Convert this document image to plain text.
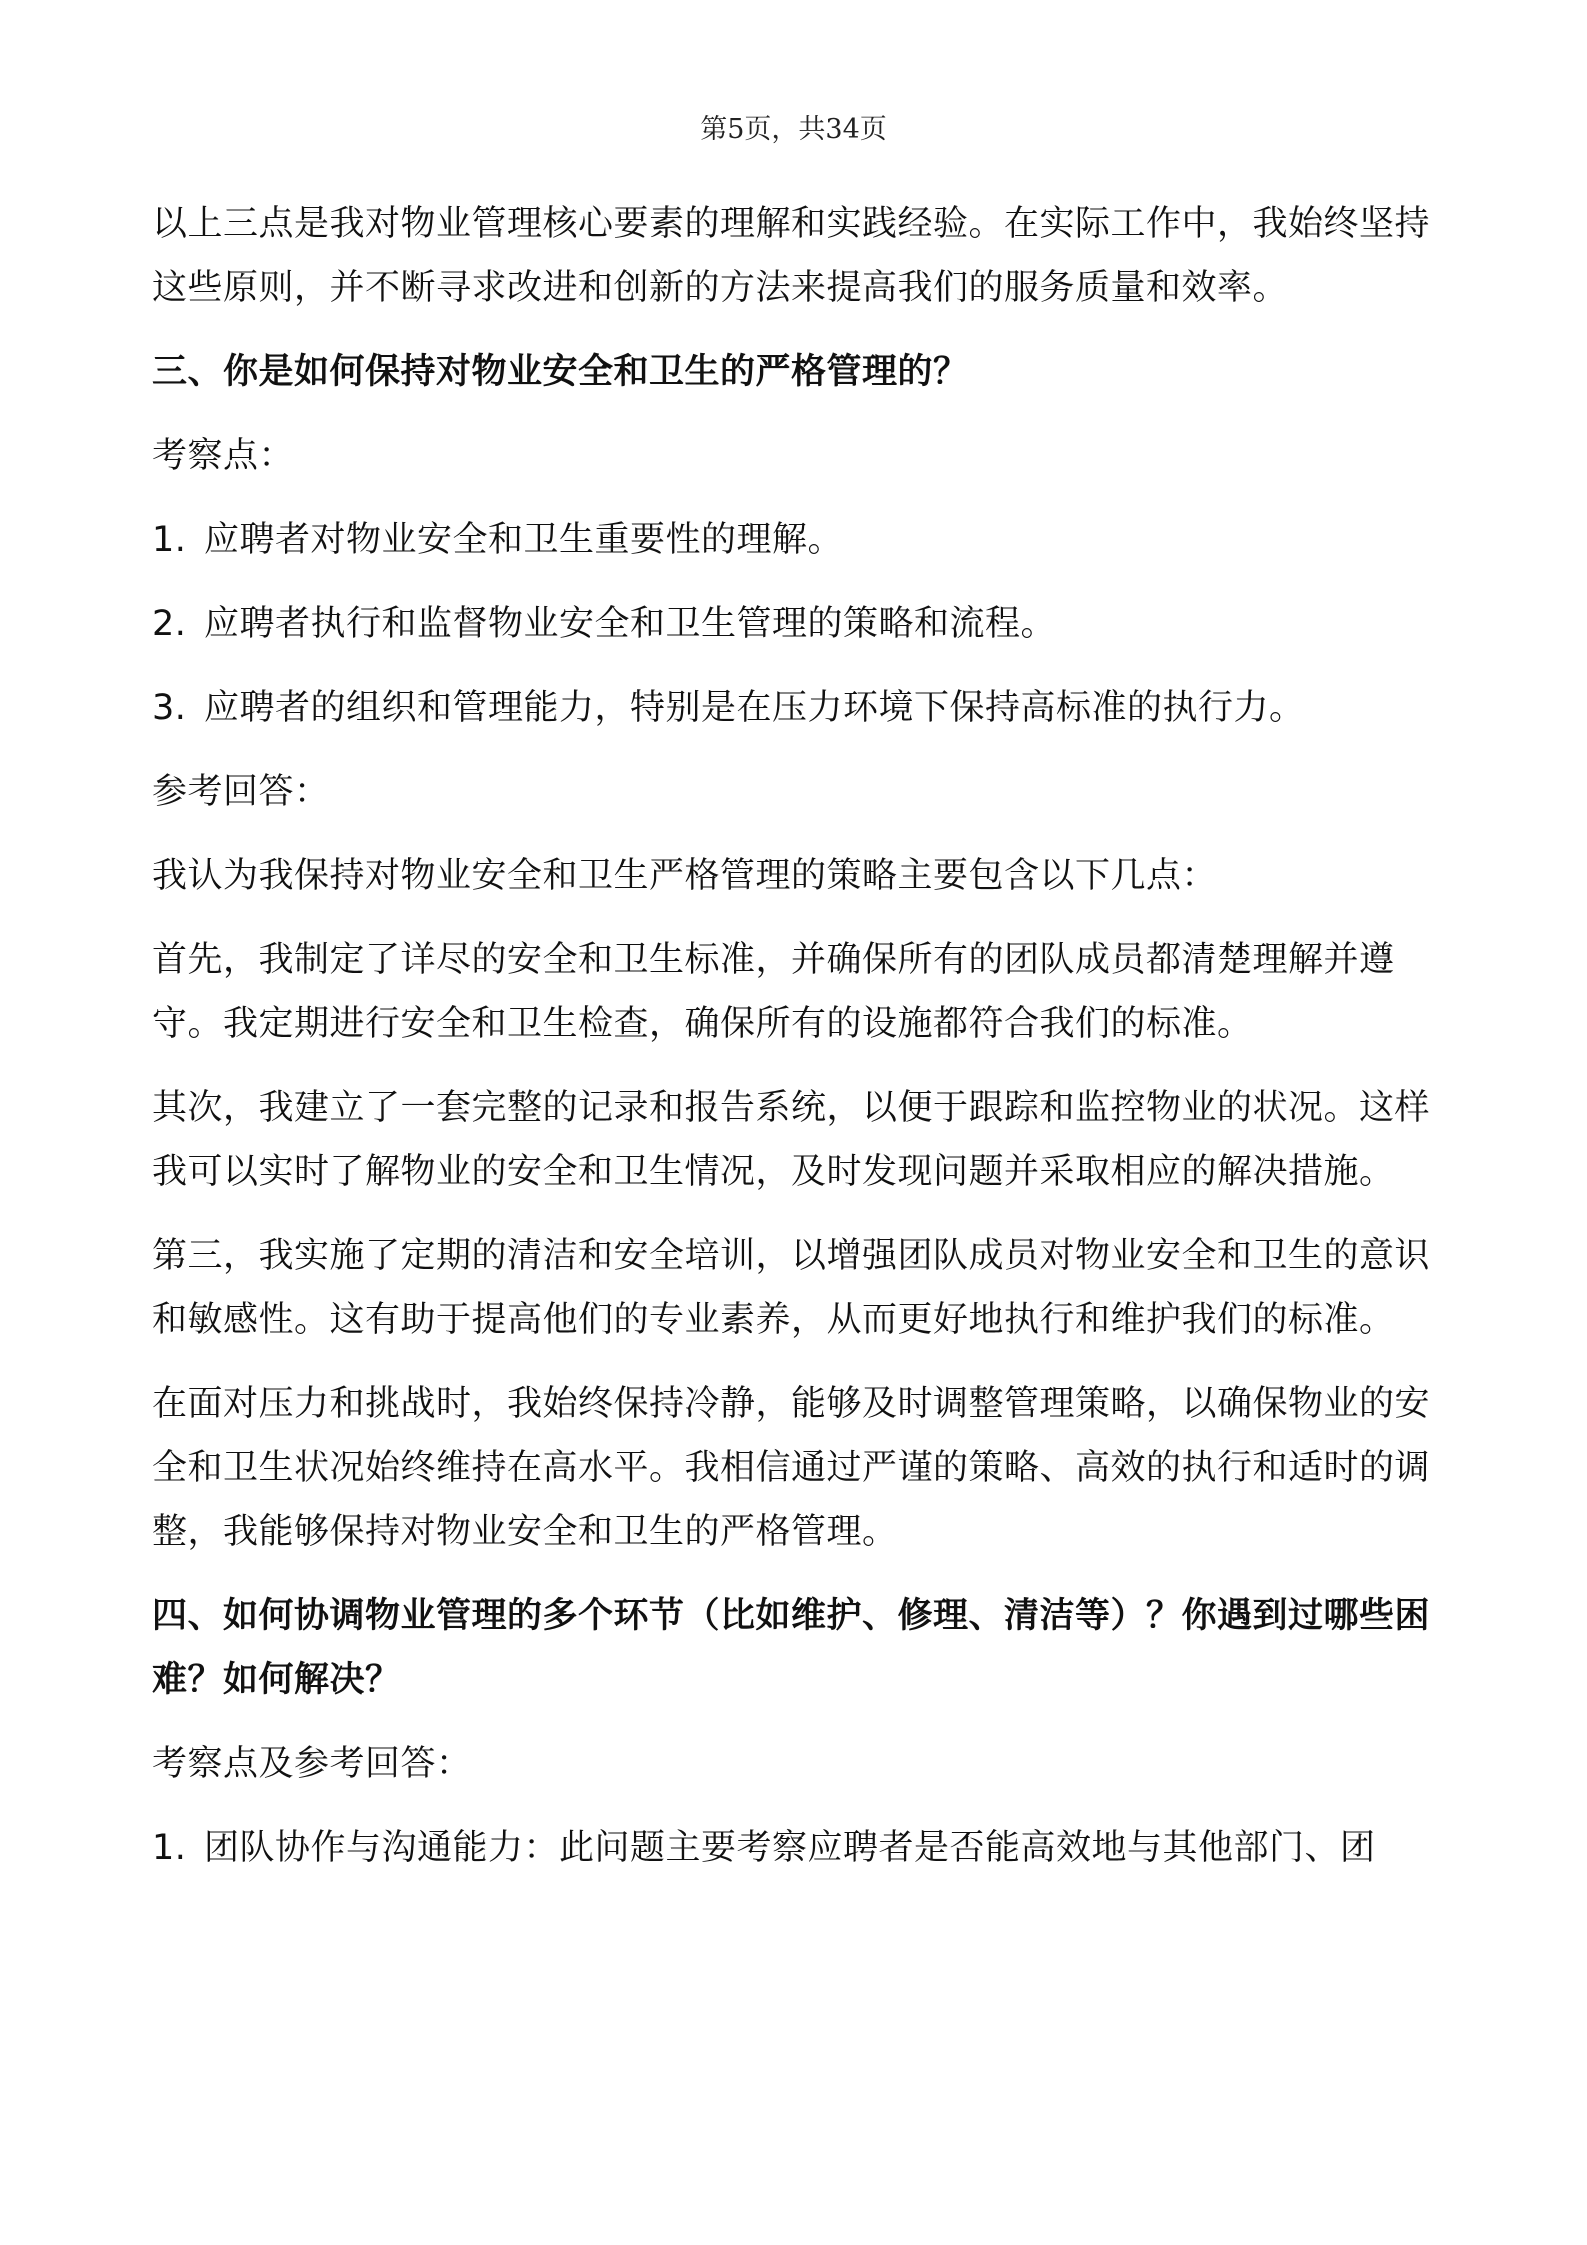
第5页，共34页

以上三点是我对物业管理核心要素的理解和实践经验。在实际工作中，我始终坚持这些原则，并不断寻求改进和创新的方法来提高我们的服务质量和效率。

三、你是如何保持对物业安全和卫生的严格管理的？

考察点：

1. 应聘者对物业安全和卫生重要性的理解。

2. 应聘者执行和监督物业安全和卫生管理的策略和流程。

3. 应聘者的组织和管理能力，特别是在压力环境下保持高标准的执行力。

参考回答：

我认为我保持对物业安全和卫生严格管理的策略主要包含以下几点：

首先，我制定了详尽的安全和卫生标准，并确保所有的团队成员都清楚理解并遵守。我定期进行安全和卫生检查，确保所有的设施都符合我们的标准。

其次，我建立了一套完整的记录和报告系统，以便于跟踪和监控物业的状况。这样我可以实时了解物业的安全和卫生情况，及时发现问题并采取相应的解决措施。

第三，我实施了定期的清洁和安全培训，以增强团队成员对物业安全和卫生的意识和敏感性。这有助于提高他们的专业素养，从而更好地执行和维护我们的标准。

在面对压力和挑战时，我始终保持冷静，能够及时调整管理策略，以确保物业的安全和卫生状况始终维持在高水平。我相信通过严谨的策略、高效的执行和适时的调整，我能够保持对物业安全和卫生的严格管理。

四、如何协调物业管理的多个环节（比如维护、修理、清洁等）？你遇到过哪些困难？如何解决？

考察点及参考回答：

1. 团队协作与沟通能力：此问题主要考察应聘者是否能高效地与其他部门、团
